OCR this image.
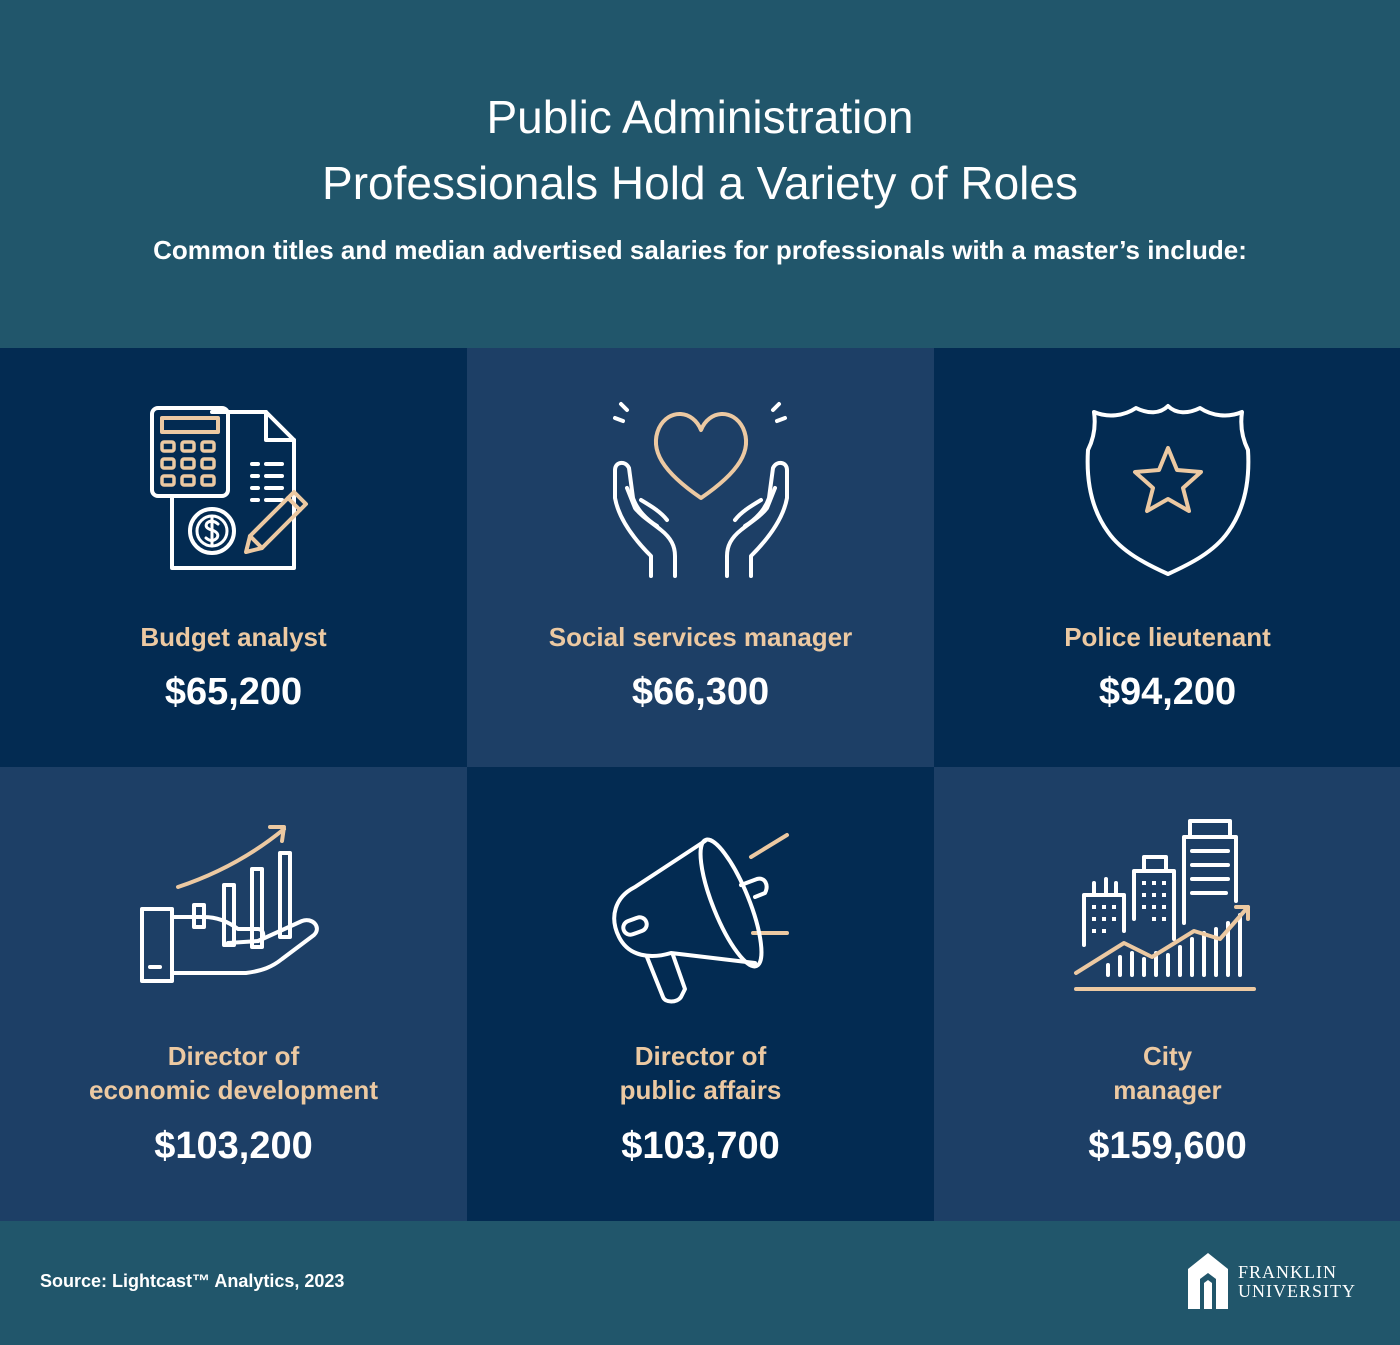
Public Administration
Professionals Hold a Variety of Roles
Common titles and median advertised salaries for professionals with a master’s include:
Budget analyst
$65,200
Social services manager
$66,300
Police lieutenant
$94,200
Director of
economic development
$103,200
Director of
public affairs
$103,700
City
manager
$159,600
Source: Lightcast™ Analytics, 2023	FRANKLIN
UNIVERSITY
